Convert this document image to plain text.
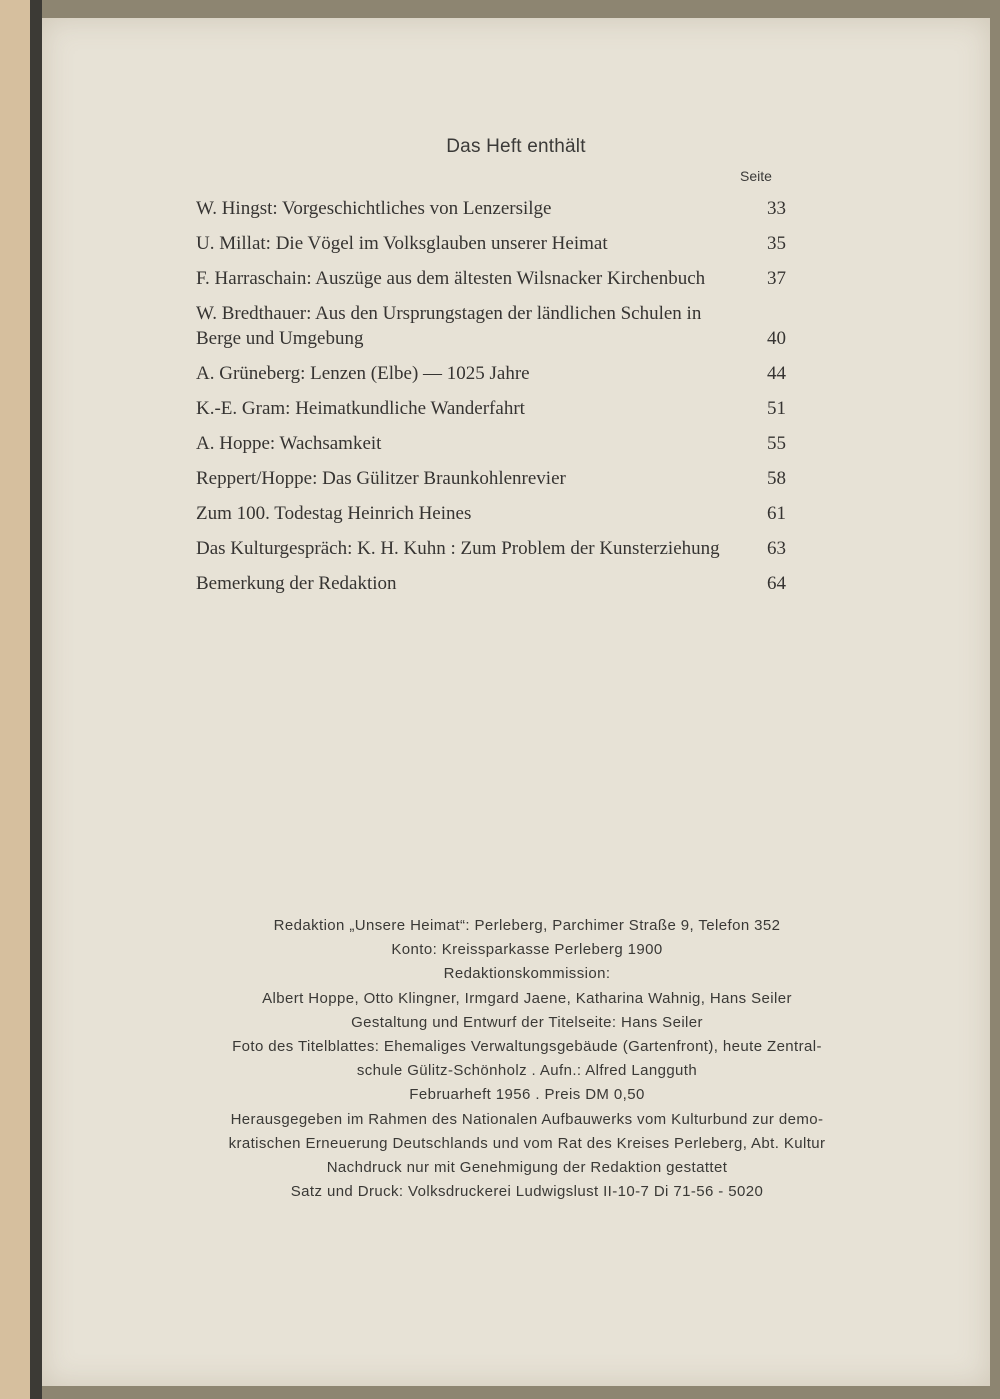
Das Heft enthält
Seite
W. Hingst: Vorgeschichtliches von Lenzersilge	33
U. Millat: Die Vögel im Volksglauben unserer Heimat	35
F. Harraschain: Auszüge aus dem ältesten Wilsnacker Kirchenbuch	37
W. Bredthauer: Aus den Ursprungstagen der ländlichen Schulen in Berge und Umgebung	40
A. Grüneberg: Lenzen (Elbe) — 1025 Jahre	44
K.-E. Gram: Heimatkundliche Wanderfahrt	51
A. Hoppe: Wachsamkeit	55
Reppert/Hoppe: Das Gülitzer Braunkohlenrevier	58
Zum 100. Todestag Heinrich Heines	61
Das Kulturgespräch: K. H. Kuhn : Zum Problem der Kunsterziehung	63
Bemerkung der Redaktion	64
Redaktion „Unsere Heimat“: Perleberg, Parchimer Straße 9, Telefon 352
Konto: Kreissparkasse Perleberg 1900
Redaktionskommission:
Albert Hoppe, Otto Klingner, Irmgard Jaene, Katharina Wahnig, Hans Seiler
Gestaltung und Entwurf der Titelseite: Hans Seiler
Foto des Titelblattes: Ehemaliges Verwaltungsgebäude (Gartenfront), heute Zentral-
schule Gülitz-Schönholz . Aufn.: Alfred Langguth
Februarheft 1956 . Preis DM 0,50
Herausgegeben im Rahmen des Nationalen Aufbauwerks vom Kulturbund zur demo-
kratischen Erneuerung Deutschlands und vom Rat des Kreises Perleberg, Abt. Kultur
Nachdruck nur mit Genehmigung der Redaktion gestattet
Satz und Druck: Volksdruckerei Ludwigslust II-10-7 Di 71-56 - 5020
